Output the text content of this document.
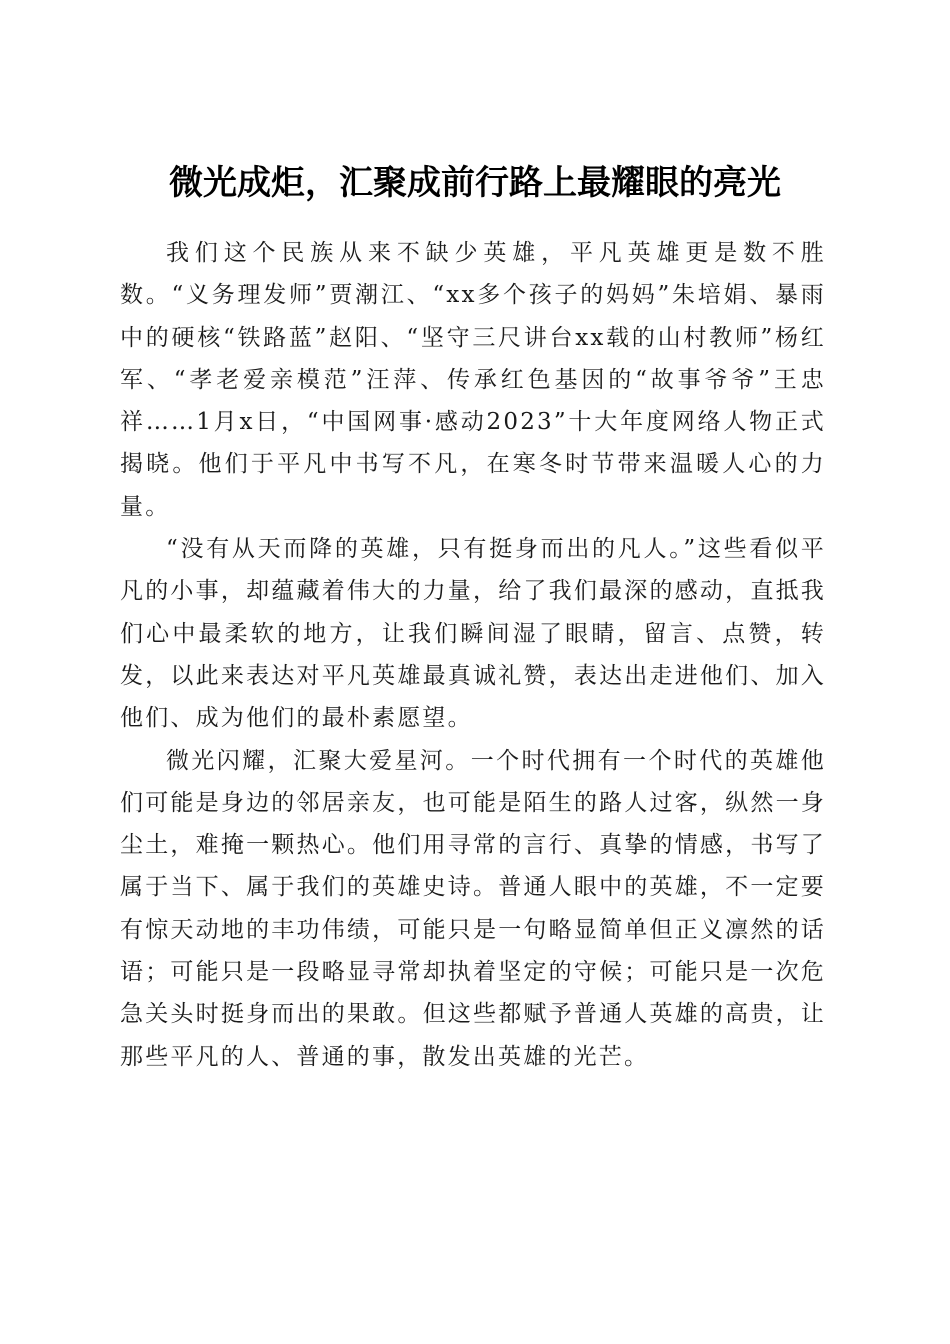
微光成炬，汇聚成前行路上最耀眼的亮光

我们这个民族从来不缺少英雄，平凡英雄更是数不胜数。“义务理发师”贾潮江、“xx多个孩子的妈妈”朱培娟、暴雨中的硬核“铁路蓝”赵阳、“坚守三尺讲台xx载的山村教师”杨红军、“孝老爱亲模范”汪萍、传承红色基因的“故事爷爷”王忠祥……1月x日，“中国网事·感动2023”十大年度网络人物正式揭晓。他们于平凡中书写不凡，在寒冬时节带来温暖人心的力量。

“没有从天而降的英雄，只有挺身而出的凡人。”这些看似平凡的小事，却蕴藏着伟大的力量，给了我们最深的感动，直抵我们心中最柔软的地方，让我们瞬间湿了眼睛，留言、点赞，转发，以此来表达对平凡英雄最真诚礼赞，表达出走进他们、加入他们、成为他们的最朴素愿望。

微光闪耀，汇聚大爱星河。一个时代拥有一个时代的英雄他们可能是身边的邻居亲友，也可能是陌生的路人过客，纵然一身尘土，难掩一颗热心。他们用寻常的言行、真挚的情感，书写了属于当下、属于我们的英雄史诗。普通人眼中的英雄，不一定要有惊天动地的丰功伟绩，可能只是一句略显简单但正义凛然的话语；可能只是一段略显寻常却执着坚定的守候；可能只是一次危急关头时挺身而出的果敢。但这些都赋予普通人英雄的高贵，让那些平凡的人、普通的事，散发出英雄的光芒。
